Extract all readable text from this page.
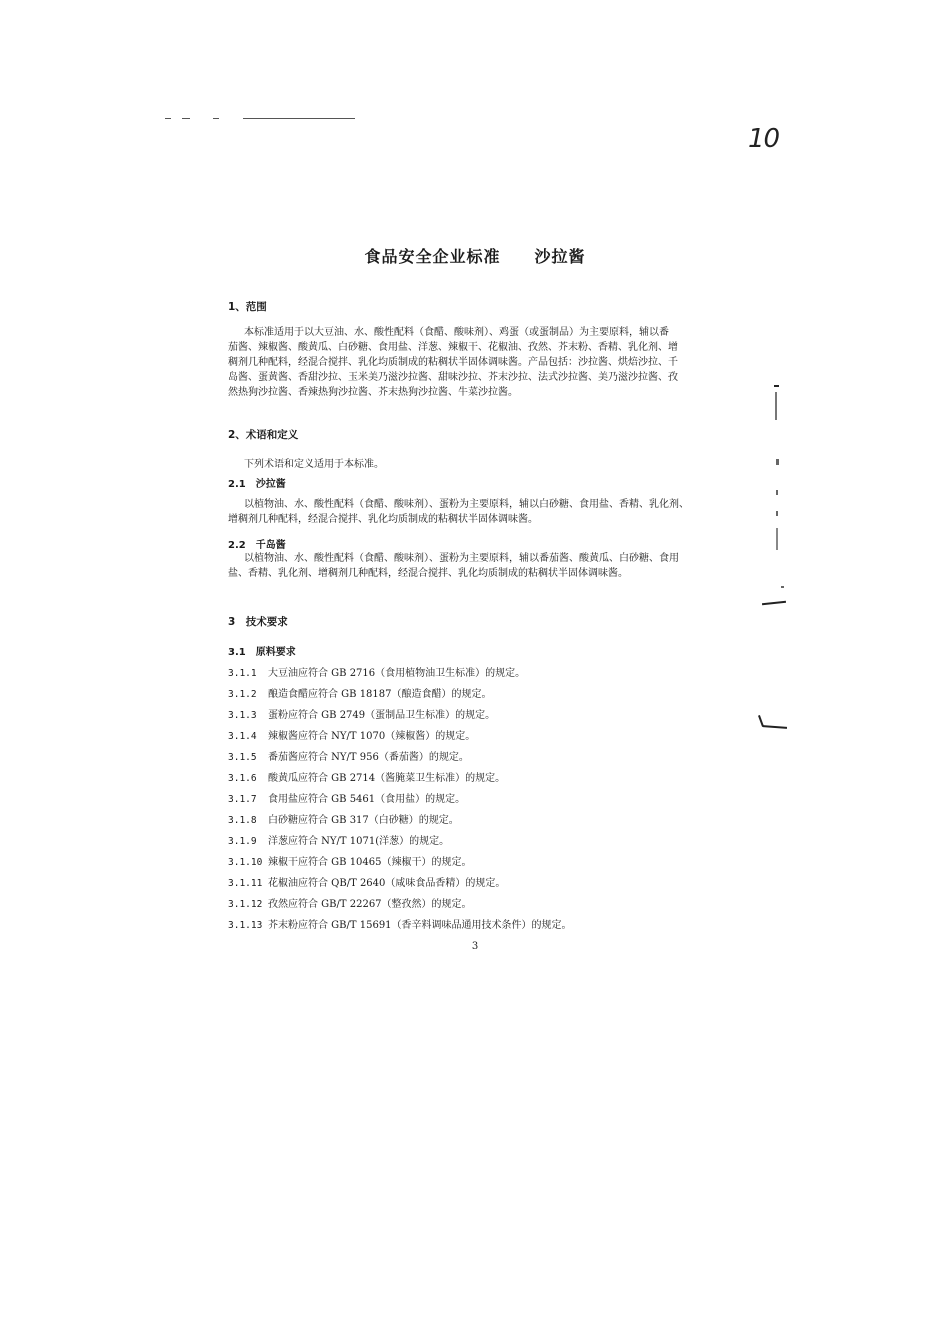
10
食品安全企业标准 沙拉酱
1、范围
本标准适用于以大豆油、水、酸性配料（食醋、酸味剂）、鸡蛋（或蛋制品）为主要原料，辅以番
茄酱、辣椒酱、酸黄瓜、白砂糖、食用盐、洋葱、辣椒干、花椒油、孜然、芥末粉、香精、乳化剂、增
稠剂几种配料，经混合搅拌、乳化均质制成的粘稠状半固体调味酱。产品包括：沙拉酱、烘焙沙拉、千
岛酱、蛋黄酱、香甜沙拉、玉米美乃滋沙拉酱、甜味沙拉、芥末沙拉、法式沙拉酱、美乃滋沙拉酱、孜
然热狗沙拉酱、香辣热狗沙拉酱、芥末热狗沙拉酱、牛菜沙拉酱。
2、术语和定义
下列术语和定义适用于本标准。
2.1　沙拉酱
以植物油、水、酸性配料（食醋、酸味剂）、蛋粉为主要原料，辅以白砂糖、食用盐、香精、乳化剂、
增稠剂几种配料，经混合搅拌、乳化均质制成的粘稠状半固体调味酱。
2.2　千岛酱
以植物油、水、酸性配料（食醋、酸味剂）、蛋粉为主要原料，辅以番茄酱、酸黄瓜、白砂糖、食用
盐、香精、乳化剂、增稠剂几种配料，经混合搅拌、乳化均质制成的粘稠状半固体调味酱。
3　技术要求
3.1　原料要求
3.1.1 大豆油应符合 GB 2716（食用植物油卫生标准）的规定。
3.1.2 酿造食醋应符合 GB 18187（酿造食醋）的规定。
3.1.3 蛋粉应符合 GB 2749（蛋制品卫生标准）的规定。
3.1.4 辣椒酱应符合 NY/T 1070（辣椒酱）的规定。
3.1.5 番茄酱应符合 NY/T 956（番茄酱）的规定。
3.1.6 酸黄瓜应符合 GB 2714（酱腌菜卫生标准）的规定。
3.1.7 食用盐应符合 GB 5461（食用盐）的规定。
3.1.8 白砂糖应符合 GB 317（白砂糖）的规定。
3.1.9 洋葱应符合 NY/T 1071(洋葱）的规定。
3.1.10 辣椒干应符合 GB 10465（辣椒干）的规定。
3.1.11 花椒油应符合 QB/T 2640（咸味食品香精）的规定。
3.1.12 孜然应符合 GB/T 22267（整孜然）的规定。
3.1.13 芥末粉应符合 GB/T 15691（香辛料调味品通用技术条件）的规定。
3
